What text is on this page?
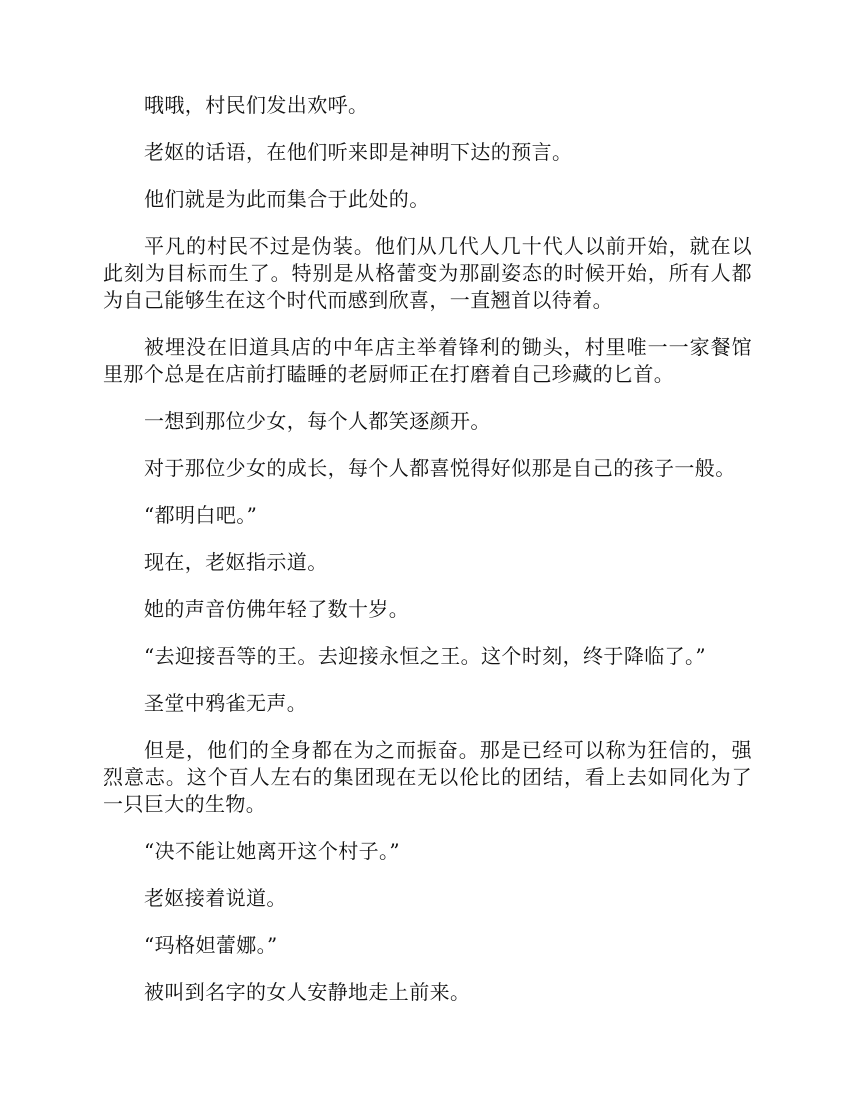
哦哦，村民们发出欢呼。

老妪的话语，在他们听来即是神明下达的预言。

他们就是为此而集合于此处的。

平凡的村民不过是伪装。他们从几代人几十代人以前开始，就在以此刻为目标而生了。特别是从格蕾变为那副姿态的时候开始，所有人都为自己能够生在这个时代而感到欣喜，一直翘首以待着。

被埋没在旧道具店的中年店主举着锋利的锄头，村里唯一一家餐馆里那个总是在店前打瞌睡的老厨师正在打磨着自己珍藏的匕首。

一想到那位少女，每个人都笑逐颜开。

对于那位少女的成长，每个人都喜悦得好似那是自己的孩子一般。

“都明白吧。”

现在，老妪指示道。

她的声音仿佛年轻了数十岁。

“去迎接吾等的王。去迎接永恒之王。这个时刻，终于降临了。”

圣堂中鸦雀无声。

但是，他们的全身都在为之而振奋。那是已经可以称为狂信的，强烈意志。这个百人左右的集团现在无以伦比的团结，看上去如同化为了一只巨大的生物。

“决不能让她离开这个村子。”

老妪接着说道。

“玛格妲蕾娜。”

被叫到名字的女人安静地走上前来。
